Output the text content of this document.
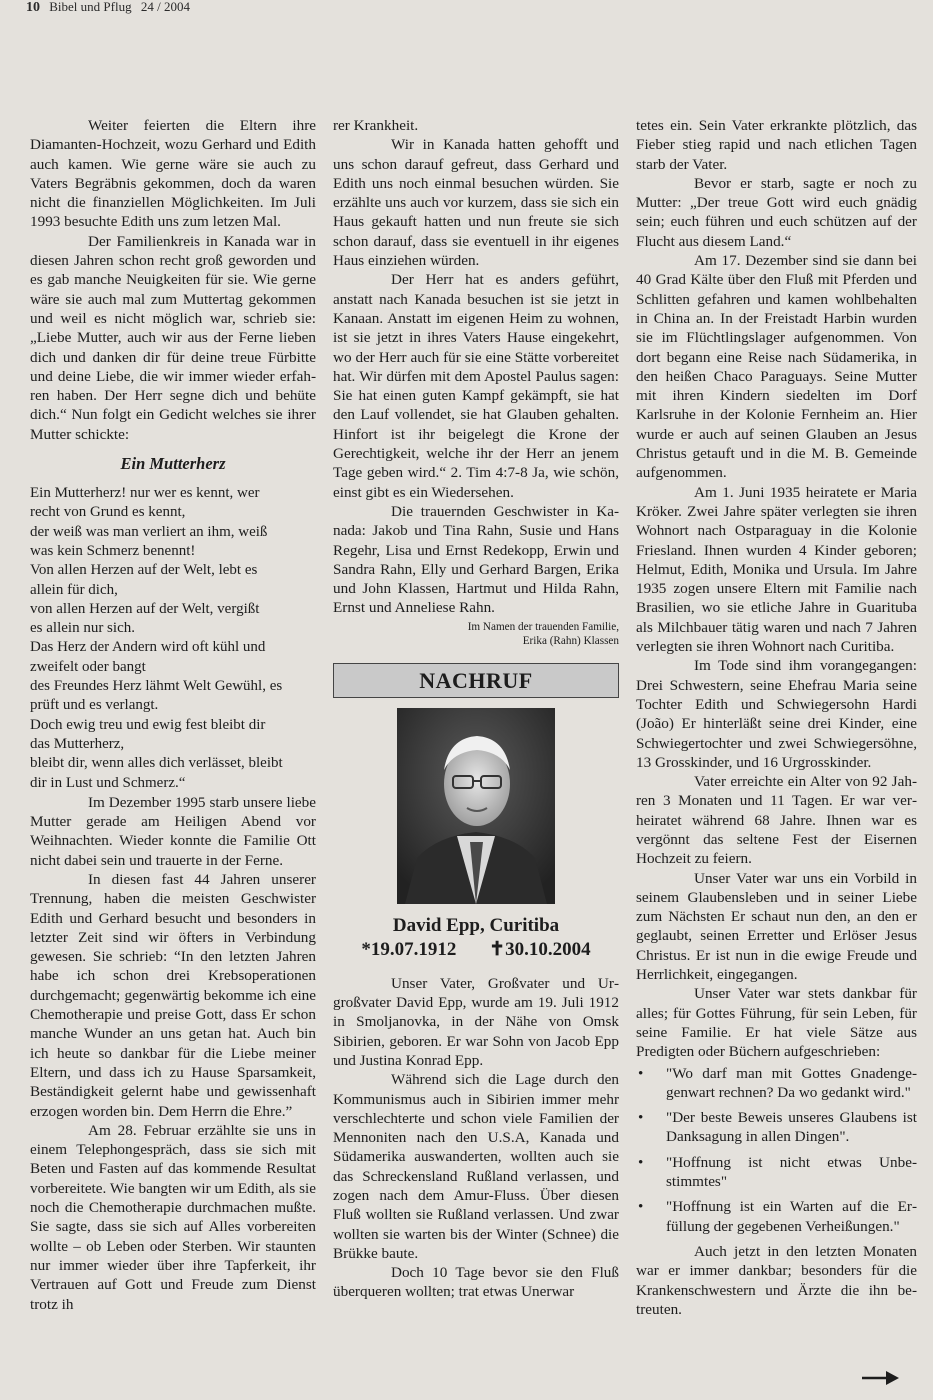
10 Bibel und Pflug 24 / 2004

Weiter feierten die Eltern ihre Diamanten-Hochzeit, wozu Gerhard und Edith auch kamen. Wie gerne wäre sie auch zu Vaters Begräbnis gekommen, doch da waren nicht die finanziellen Möglichkeiten. Im Juli 1993 besuchte Edith uns zum letzen Mal.

Der Familienkreis in Kanada war in diesen Jahren schon recht groß geworden und es gab manche Neuigkeiten für sie. Wie gerne wäre sie auch mal zum Muttertag gekommen und weil es nicht möglich war, schrieb sie: „Liebe Mutter, auch wir aus der Ferne lieben dich und danken dir für deine treue Fürbitte und deine Liebe, die wir immer wieder erfahren haben. Der Herr segne dich und behüte dich.“ Nun folgt ein Gedicht welches sie ihrer Mutter schickte:

Ein Mutterherz
Ein Mutterherz! nur wer es kennt, wer
recht von Grund es kennt,
der weiß was man verliert an ihm, weiß
was kein Schmerz benennt!
Von allen Herzen auf der Welt, lebt es
allein für dich,
von allen Herzen auf der Welt, vergißt
es allein nur sich.
Das Herz der Andern wird oft kühl und
zweifelt oder bangt
des Freundes Herz lähmt Welt Gewühl, es
prüft und es verlangt.
Doch ewig treu und ewig fest bleibt dir
das Mutterherz,
bleibt dir, wenn alles dich verlässet, bleibt
dir in Lust und Schmerz.“

Im Dezember 1995 starb unsere liebe Mutter gerade am Heiligen Abend vor Weihnachten. Wieder konnte die Familie Ott nicht dabei sein und trauerte in der Ferne.

In diesen fast 44 Jahren unserer Trennung, haben die meisten Geschwister Edith und Gerhard besucht und besonders in letzter Zeit sind wir öfters in Verbindung gewesen. Sie schrieb: “In den letzten Jahren habe ich schon drei Krebsoperationen durchgemacht; gegenwärtig bekomme ich eine Chemotherapie und preise Gott, dass Er schon manche Wunder an uns getan hat. Auch bin ich heute so dankbar für die Liebe meiner Eltern, und dass ich zu Hause Sparsamkeit, Beständigkeit gelernt habe und gewissenhaft erzogen worden bin. Dem Herrn die Ehre.”

Am 28. Februar erzählte sie uns in einem Telephongespräch, dass sie sich mit Beten und Fasten auf das kommende Resultat vorbereitete. Wie bangten wir um Edith, als sie noch die Chemotherapie durchmachen mußte. Sie sagte, dass sie sich auf Alles vorbereiten wollte – ob Leben oder Sterben. Wir staunten nur immer wieder über ihre Tapferkeit, ihr Vertrauen auf Gott und Freude zum Dienst trotz ih

rer Krankheit.

Wir in Kanada hatten gehofft und uns schon darauf gefreut, dass Gerhard und Edith uns noch einmal besuchen würden. Sie erzählte uns auch vor kurzem, dass sie sich ein Haus gekauft hatten und nun freute sie sich schon darauf, dass sie eventuell in ihr eigenes Haus einziehen würden.

Der Herr hat es anders geführt, anstatt nach Kanada besuchen ist sie jetzt in Kanaan. Anstatt im eigenen Heim zu wohnen, ist sie jetzt in ihres Vaters Hause eingekehrt, wo der Herr auch für sie eine Stätte vorbereitet hat. Wir dürfen mit dem Apostel Paulus sagen: Sie hat einen guten Kampf gekämpft, sie hat den Lauf vollendet, sie hat Glauben gehalten. Hinfort ist ihr beigelegt die Krone der Gerechtigkeit, welche ihr der Herr an jenem Tage geben wird.“ 2. Tim 4:7-8 Ja, wie schön, einst gibt es ein Wiedersehen.

Die trauernden Geschwister in Kanada: Jakob und Tina Rahn, Susie und Hans Regehr, Lisa und Ernst Redekopp, Erwin und Sandra Rahn, Elly und Gerhard Bargen, Erika und John Klassen, Hartmut und Hilda Rahn, Ernst und Anneliese Rahn.

Im Namen der trauenden Familie,
Erika (Rahn) Klassen
NACHRUF
David Epp, Curitiba
*19.07.1912 ✝30.10.2004

Unser Vater, Großvater und Urgroßvater David Epp, wurde am 19. Juli 1912 in Smoljanovka, in der Nähe von Omsk Sibirien, geboren. Er war Sohn von Jacob Epp und Justina Konrad Epp.

Während sich die Lage durch den Kommunismus auch in Sibirien immer mehr verschlechterte und schon viele Familien der Mennoniten nach den U.S.A, Kanada und Südamerika auswanderten, wollten auch sie das Schreckensland Rußland verlassen, und zogen nach dem Amur-Fluss. Über diesen Fluß wollten sie Rußland verlassen. Und zwar wollten sie warten bis der Winter (Schnee) die Brükke baute.

Doch 10 Tage bevor sie den Fluß überqueren wollten; trat etwas Unerwar

tetes ein. Sein Vater erkrankte plötzlich, das Fieber stieg rapid und nach etlichen Tagen starb der Vater.

Bevor er starb, sagte er noch zu Mutter: „Der treue Gott wird euch gnädig sein; euch führen und euch schützen auf der Flucht aus diesem Land.“

Am 17. Dezember sind sie dann bei 40 Grad Kälte über den Fluß mit Pferden und Schlitten gefahren und kamen wohlbehalten in China an. In der Freistadt Harbin wurden sie im Flüchtlingslager aufgenommen. Von dort begann eine Reise nach Südamerika, in den heißen Chaco Paraguays. Seine Mutter mit ihren Kindern siedelten im Dorf Karlsruhe in der Kolonie Fernheim an. Hier wurde er auch auf seinen Glauben an Jesus Christus getauft und in die M. B. Gemeinde aufgenommen.

Am 1. Juni 1935 heiratete er Maria Kröker. Zwei Jahre später verlegten sie ihren Wohnort nach Ostparaguay in die Kolonie Friesland. Ihnen wurden 4 Kinder geboren; Helmut, Edith, Monika und Ursula. Im Jahre 1935 zogen unsere Eltern mit Familie nach Brasilien, wo sie etliche Jahre in Guarituba als Milchbauer tätig waren und nach 7 Jahren verlegten sie ihren Wohnort nach Curitiba.

Im Tode sind ihm vorangegangen: Drei Schwestern, seine Ehefrau Maria seine Tochter Edith und Schwiegersohn Hardi (João) Er hinterläßt seine drei Kinder, eine Schwiegertochter und zwei Schwiegersöhne, 13 Grosskinder, und 16 Urgrosskinder.

Vater erreichte ein Alter von 92 Jahren 3 Monaten und 11 Tagen. Er war verheiratet während 68 Jahre. Ihnen war es vergönnt das seltene Fest der Eisernen Hochzeit zu feiern.

Unser Vater war uns ein Vorbild in seinem Glaubensleben und in seiner Liebe zum Nächsten Er schaut nun den, an den er geglaubt, seinen Erretter und Erlöser Jesus Christus. Er ist nun in die ewige Freude und Herrlichkeit, eingegangen.

Unser Vater war stets dankbar für alles; für Gottes Führung, für sein Leben, für seine Familie. Er hat viele Sätze aus Predigten oder Büchern aufgeschrieben:

• "Wo darf man mit Gottes Gnadengegenwart rechnen? Da wo gedankt wird."
• "Der beste Beweis unseres Glaubens ist Danksagung in allen Dingen".
• "Hoffnung ist nicht etwas Unbestimmtes"
• "Hoffnung ist ein Warten auf die Erfüllung der gegebenen Verheißungen."

Auch jetzt in den letzten Monaten war er immer dankbar; besonders für die Krankenschwestern und Ärzte die ihn betreuten.
